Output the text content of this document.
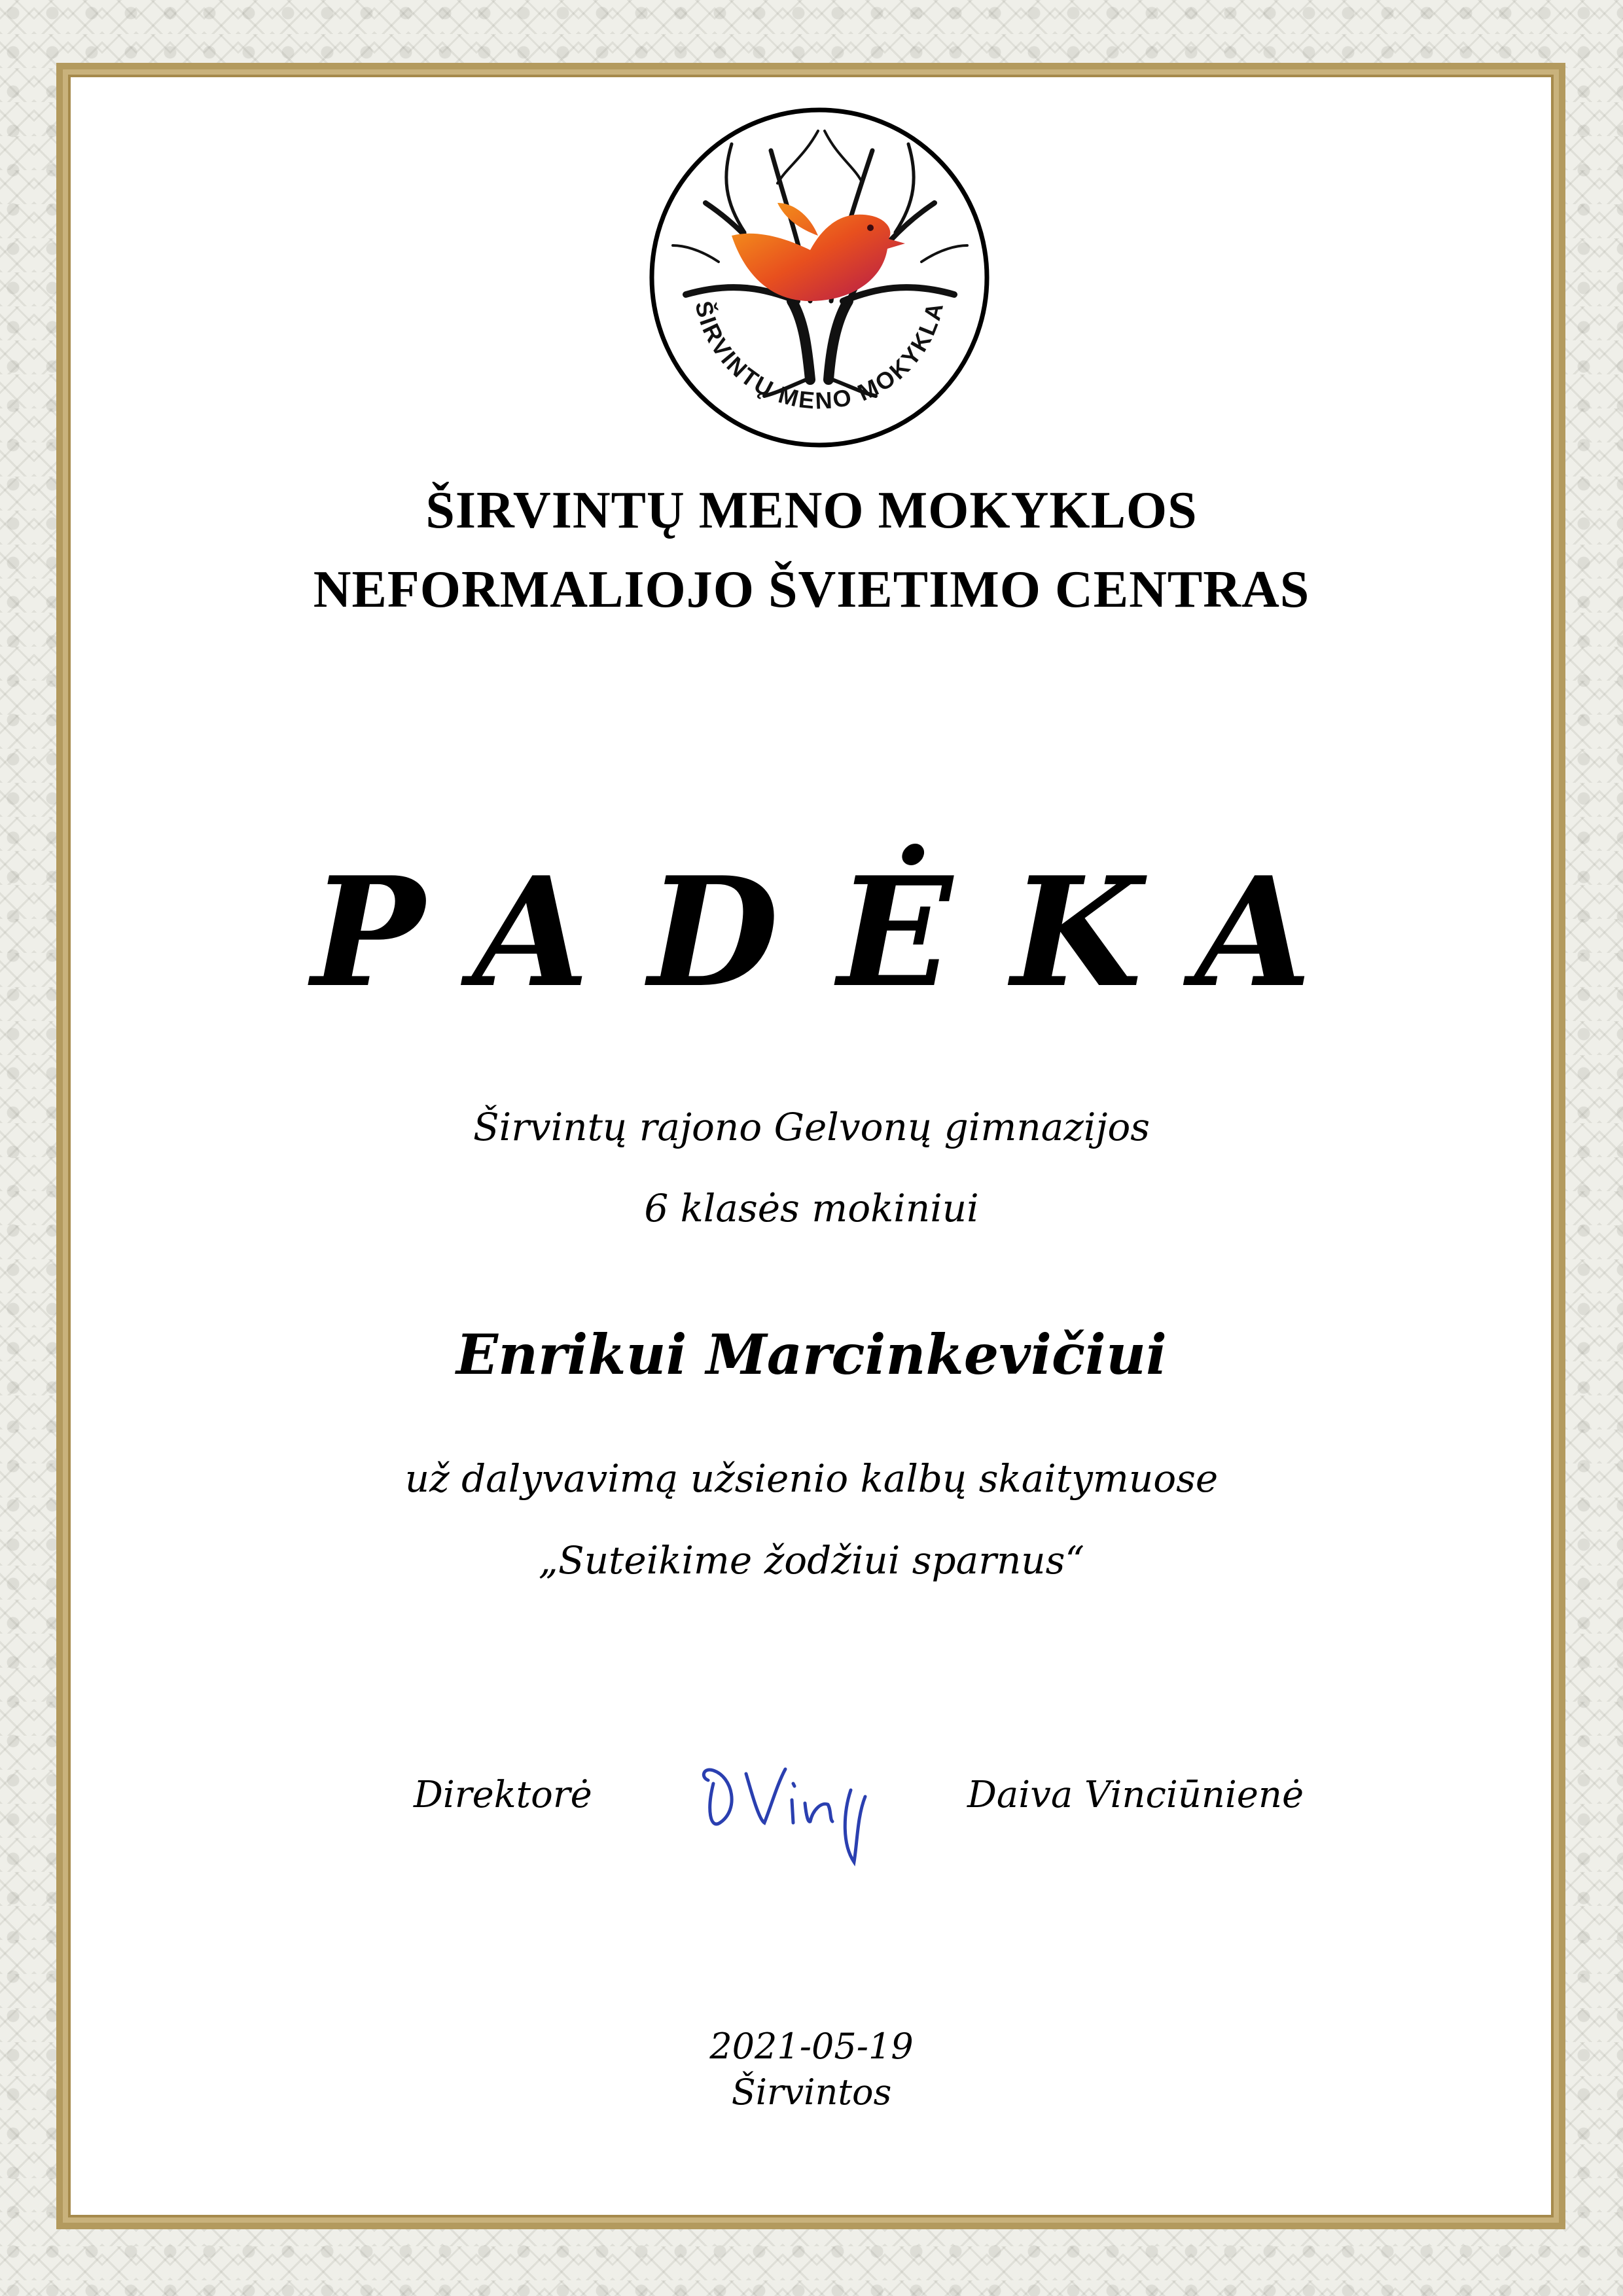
ŠIRVINTŲ MENO MOKYKLA
ŠIRVINTŲ MENO MOKYKLOS
NEFORMALIOJO ŠVIETIMO CENTRAS
PADĖKA
Širvintų rajono Gelvonų gimnazijos
6 klasės mokiniui
Enrikui Marcinkevičiui
už dalyvavimą užsienio kalbų skaitymuose
„Suteikime žodžiui sparnus“
Direktorė	Daiva Vinciūnienė
2021-05-19
Širvintos
